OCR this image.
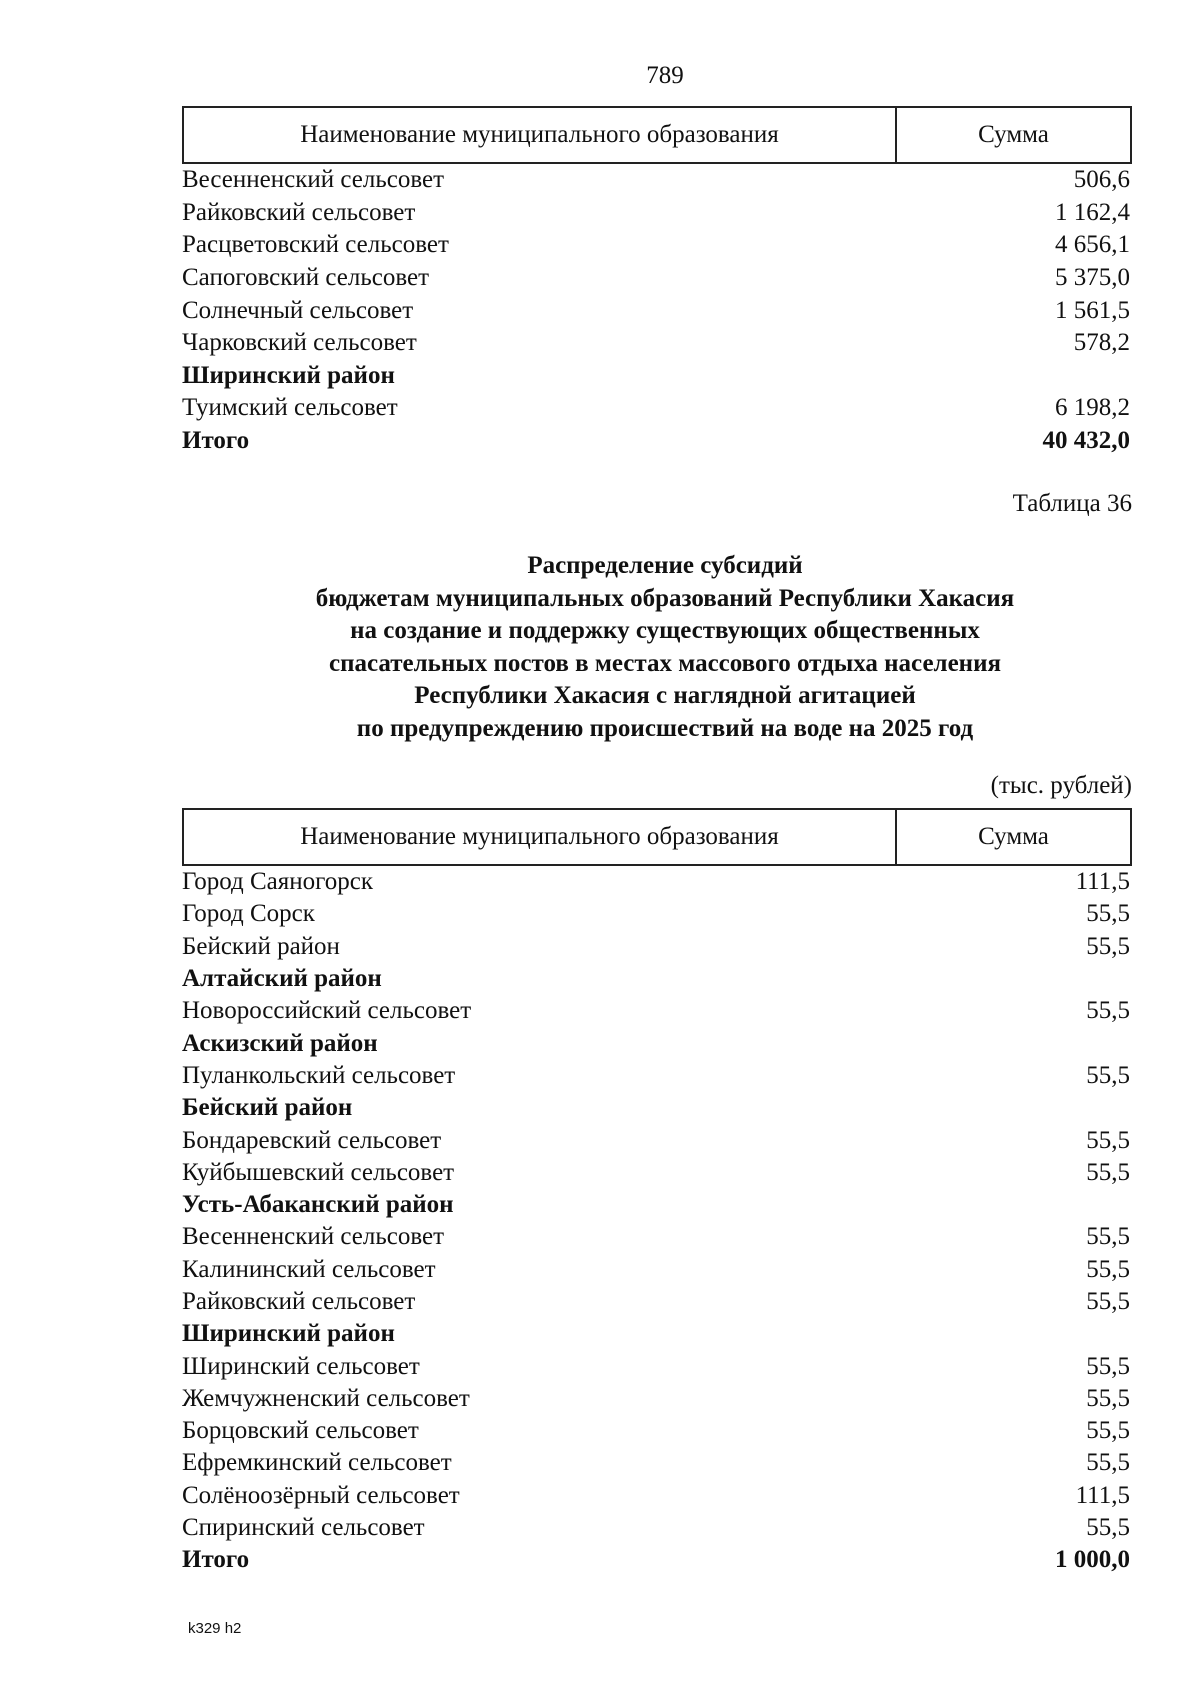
789
Наименование муниципального образования	Сумма
Весенненский сельсовет	506,6
Райковский сельсовет	1 162,4
Расцветовский сельсовет	4 656,1
Сапоговский сельсовет	5 375,0
Солнечный сельсовет	1 561,5
Чарковский сельсовет	578,2
Ширинский район
Туимский сельсовет	6 198,2
Итого	40 432,0
Таблица 36
Распределение субсидий
бюджетам муниципальных образований Республики Хакасия
на создание и поддержку существующих общественных
спасательных постов в местах массового отдыха населения
Республики Хакасия с наглядной агитацией
по предупреждению происшествий на воде на 2025 год
(тыс. рублей)
Наименование муниципального образования	Сумма
Город Саяногорск	111,5
Город Сорск	55,5
Бейский район	55,5
Алтайский район
Новороссийский сельсовет	55,5
Аскизский район
Пуланкольский сельсовет	55,5
Бейский район
Бондаревский сельсовет	55,5
Куйбышевский сельсовет	55,5
Усть-Абаканский район
Весенненский сельсовет	55,5
Калининский сельсовет	55,5
Райковский сельсовет	55,5
Ширинский район
Ширинский сельсовет	55,5
Жемчужненский сельсовет	55,5
Борцовский сельсовет	55,5
Ефремкинский сельсовет	55,5
Солёноозёрный сельсовет	111,5
Спиринский сельсовет	55,5
Итого	1 000,0
k329 h2
